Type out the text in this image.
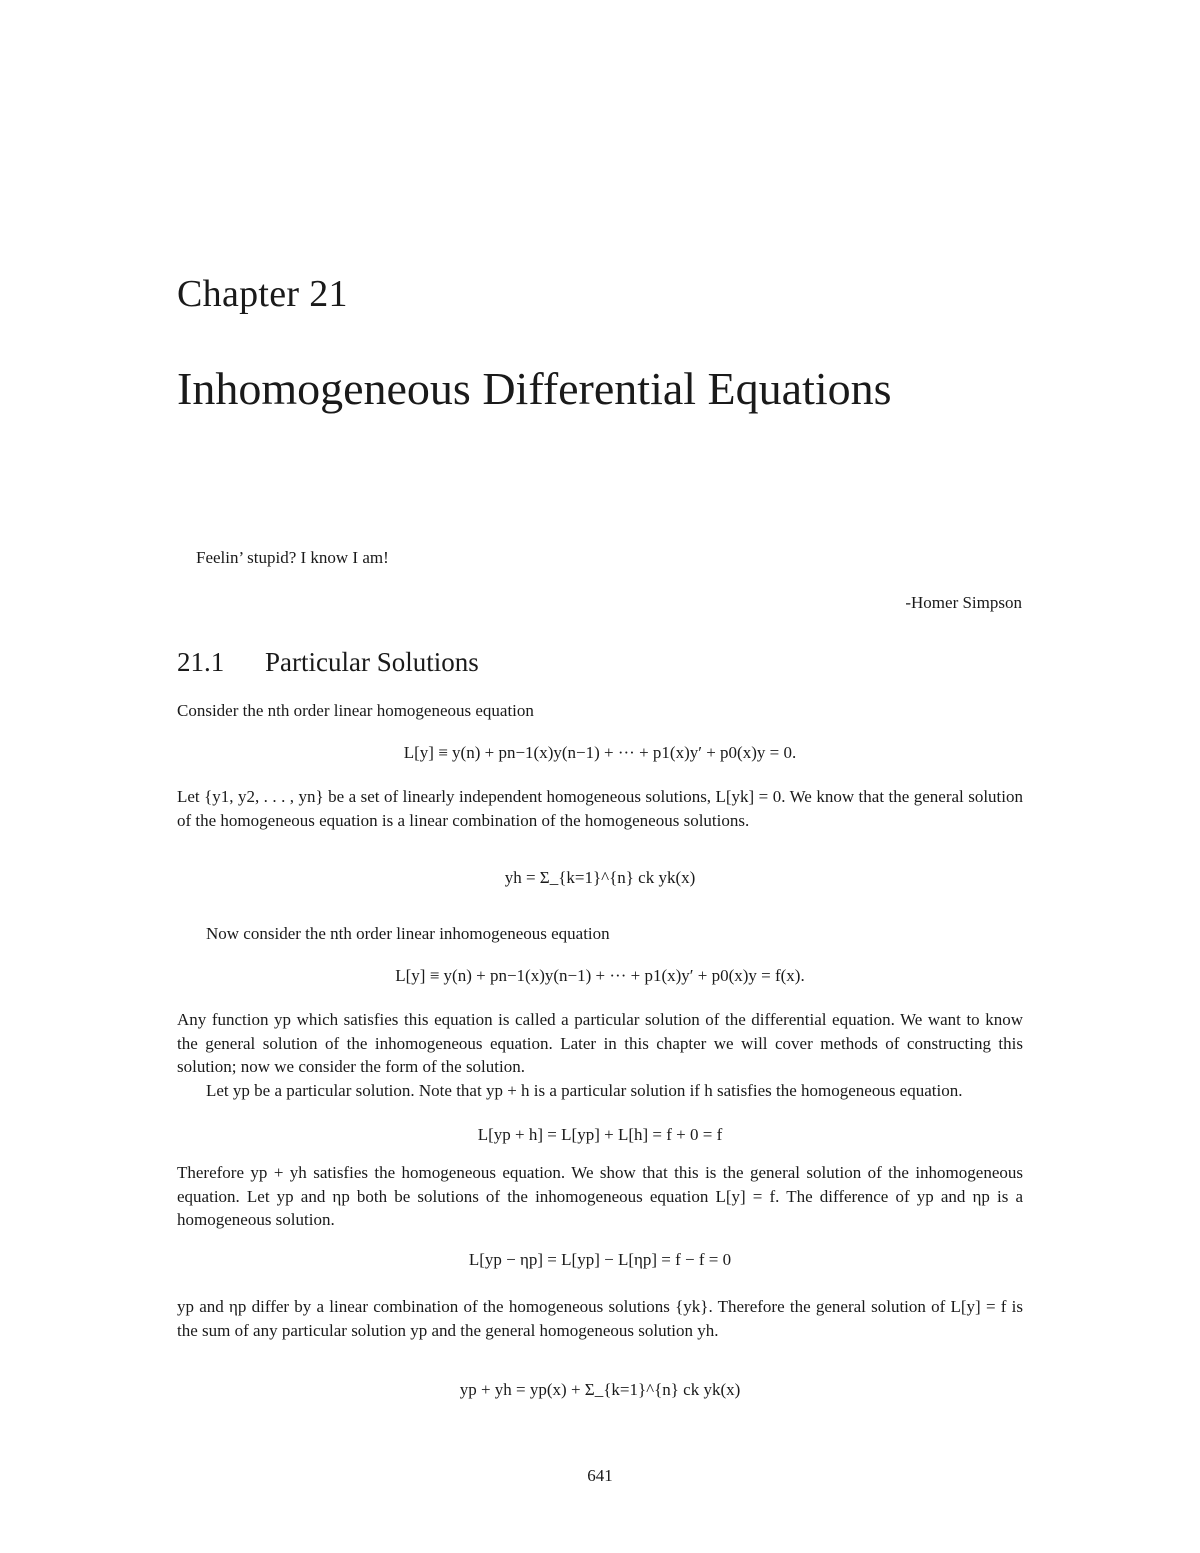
Chapter 21
Inhomogeneous Differential Equations
Feelin’ stupid? I know I am!
-Homer Simpson
21.1 Particular Solutions
Consider the nth order linear homogeneous equation
L[y] ≡ y(n) + pn−1(x)y(n−1) + ··· + p1(x)y′ + p0(x)y = 0.
Let {y1, y2, . . . , yn} be a set of linearly independent homogeneous solutions, L[yk] = 0. We know that the general solution of the homogeneous equation is a linear combination of the homogeneous solutions.
yh = Σ_{k=1}^{n} ck yk(x)
Now consider the nth order linear inhomogeneous equation
L[y] ≡ y(n) + pn−1(x)y(n−1) + ··· + p1(x)y′ + p0(x)y = f(x).
Any function yp which satisfies this equation is called a particular solution of the differential equation. We want to know the general solution of the inhomogeneous equation. Later in this chapter we will cover methods of constructing this solution; now we consider the form of the solution.
Let yp be a particular solution. Note that yp + h is a particular solution if h satisfies the homogeneous equation.
L[yp + h] = L[yp] + L[h] = f + 0 = f
Therefore yp + yh satisfies the homogeneous equation. We show that this is the general solution of the inhomogeneous equation. Let yp and ηp both be solutions of the inhomogeneous equation L[y] = f. The difference of yp and ηp is a homogeneous solution.
L[yp − ηp] = L[yp] − L[ηp] = f − f = 0
yp and ηp differ by a linear combination of the homogeneous solutions {yk}. Therefore the general solution of L[y] = f is the sum of any particular solution yp and the general homogeneous solution yh.
yp + yh = yp(x) + Σ_{k=1}^{n} ck yk(x)
641
